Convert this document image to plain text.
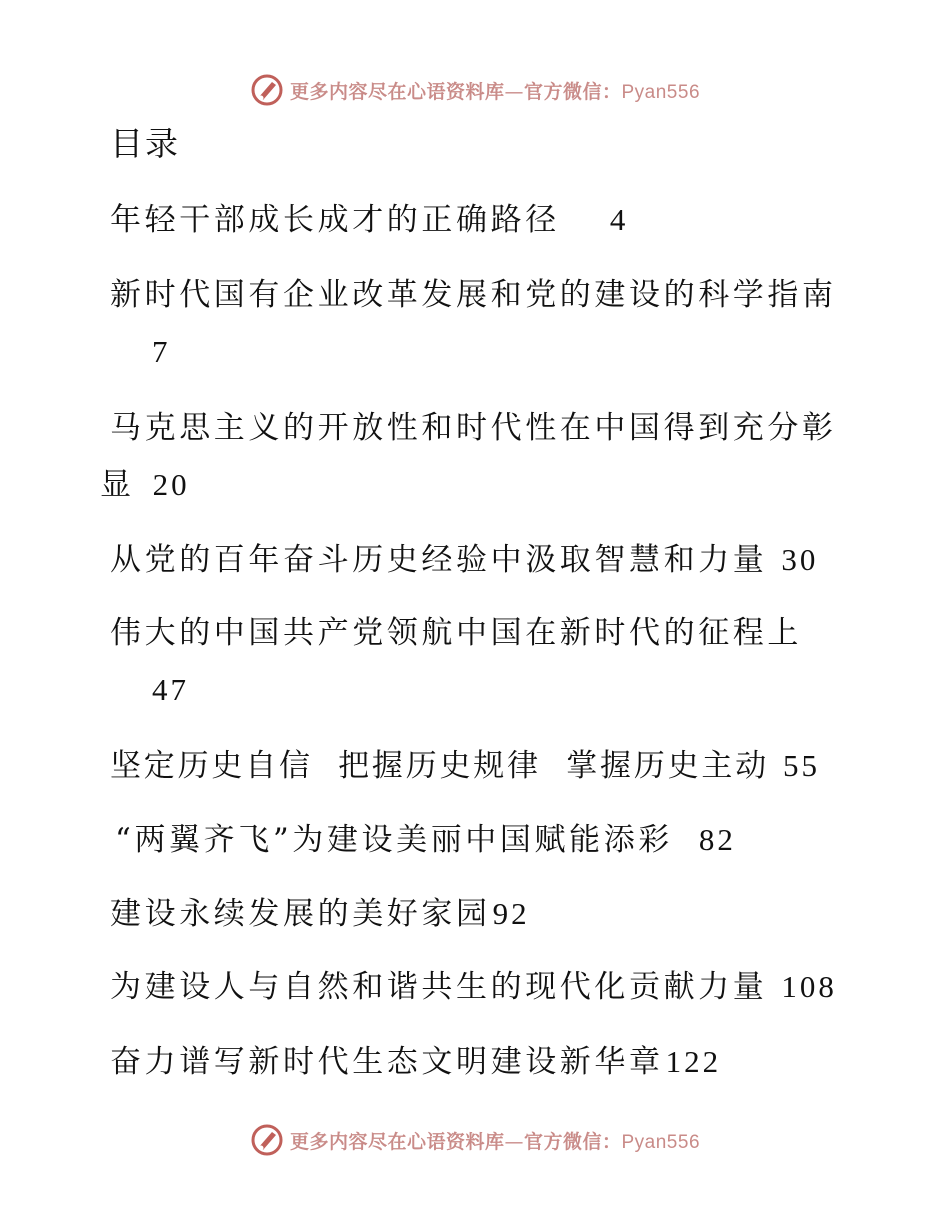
更多内容尽在心语资料库—官方微信：Pyan556
目录
年轻干部成长成才的正确路径 4
新时代国有企业改革发展和党的建设的科学指南
7
马克思主义的开放性和时代性在中国得到充分彰
显 20
从党的百年奋斗历史经验中汲取智慧和力量 30
伟大的中国共产党领航中国在新时代的征程上
47
坚定历史自信  把握历史规律  掌握历史主动 55
“两翼齐飞”为建设美丽中国赋能添彩 82
建设永续发展的美好家园92
为建设人与自然和谐共生的现代化贡献力量 108
奋力谱写新时代生态文明建设新华章122
更多内容尽在心语资料库—官方微信：Pyan556
